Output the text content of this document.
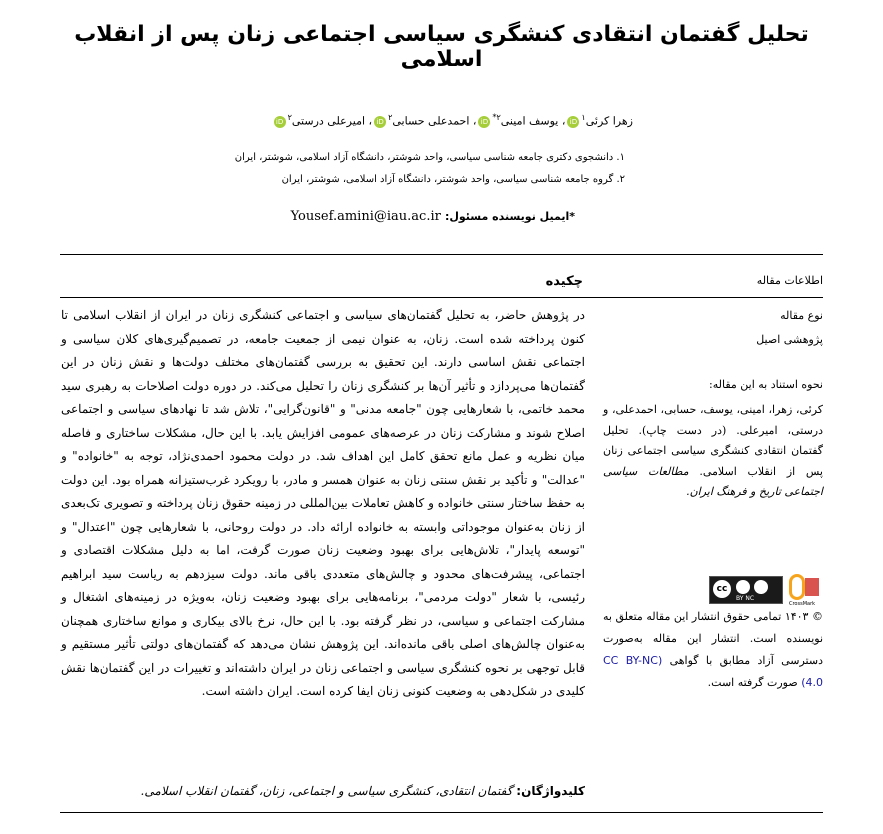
تحلیل گفتمان انتقادی کنشگری سیاسی اجتماعی زنان پس از انقلاب اسلامی
زهرا کرئی$^۱$iD، یوسف امینی$^{۲*}$iD، احمدعلی حسابی$^۲$iD، امیرعلی درستی$^۲$iD
۱. دانشجوی دکتری جامعه شناسی سیاسی، واحد شوشتر، دانشگاه آزاد اسلامی، شوشتر، ایران
۲. گروه جامعه شناسی سیاسی، واحد شوشتر، دانشگاه آزاد اسلامی، شوشتر، ایران
*ایمیل نویسنده مسئول: Yousef.amini@iau.ac.ir
اطلاعات مقاله
چکیده
نوع مقاله
پژوهشی اصیل
نحوه استناد به این مقاله:
کرئی، زهرا، امینی، یوسف، حسابی، احمدعلی، و درستی، امیرعلی. (در دست چاپ). تحلیل گفتمان انتقادی کنشگری سیاسی اجتماعی زنان پس از انقلاب اسلامی. مطالعات سیاسی اجتماعی تاریخ و فرهنگ ایران.
cc
BY NC
CrossMark
© ۱۴۰۳ تمامی حقوق انتشار این مقاله متعلق به نویسنده است. انتشار این مقاله به‌صورت دسترسی آزاد مطابق با گواهی (CC BY-NC 4.0) صورت گرفته است.
در پژوهش حاضر، به تحلیل گفتمان‌های سیاسی و اجتماعی کنشگری زنان در ایران از انقلاب اسلامی تا کنون پرداخته شده است. زنان، به عنوان نیمی از جمعیت جامعه، در تصمیم‌گیری‌های کلان سیاسی و اجتماعی نقش اساسی دارند. این تحقیق به بررسی گفتمان‌های مختلف دولت‌ها و نقش زنان در این گفتمان‌ها می‌پردازد و تأثیر آن‌ها بر کنشگری زنان را تحلیل می‌کند. در دوره دولت اصلاحات به رهبری سید محمد خاتمی، با شعارهایی چون "جامعه مدنی" و "قانون‌گرایی"، تلاش شد تا نهادهای سیاسی و اجتماعی اصلاح شوند و مشارکت زنان در عرصه‌های عمومی افزایش یابد. با این حال، مشکلات ساختاری و فاصله میان نظریه و عمل مانع تحقق کامل این اهداف شد. در دولت محمود احمدی‌نژاد، توجه به "خانواده" و "عدالت" و تأکید بر نقش سنتی زنان به عنوان همسر و مادر، با رویکرد غرب‌ستیزانه همراه بود. این دولت به حفظ ساختار سنتی خانواده و کاهش تعاملات بین‌المللی در زمینه حقوق زنان پرداخته و تصویری تک‌بعدی از زنان به‌عنوان موجوداتی وابسته به خانواده ارائه داد. در دولت روحانی، با شعارهایی چون "اعتدال" و "توسعه پایدار"، تلاش‌هایی برای بهبود وضعیت زنان صورت گرفت، اما به دلیل مشکلات اقتصادی و اجتماعی، پیشرفت‌های محدود و چالش‌های متعددی باقی ماند. دولت سیزدهم به ریاست سید ابراهیم رئیسی، با شعار "دولت مردمی"، برنامه‌هایی برای بهبود وضعیت زنان، به‌ویژه در زمینه‌های اشتغال و مشارکت اجتماعی و سیاسی، در نظر گرفته بود. با این حال، نرخ بالای بیکاری و موانع ساختاری همچنان به‌عنوان چالش‌های اصلی باقی مانده‌اند. این پژوهش نشان می‌دهد که گفتمان‌های دولتی تأثیر مستقیم و قابل توجهی بر نحوه کنشگری سیاسی و اجتماعی زنان در ایران داشته‌اند و تغییرات در این گفتمان‌ها نقش کلیدی در شکل‌دهی به وضعیت کنونی زنان ایفا کرده است. ایران داشته است.
کلیدواژگان: گفتمان انتقادی، کنشگری سیاسی و اجتماعی، زنان، گفتمان انقلاب اسلامی.
